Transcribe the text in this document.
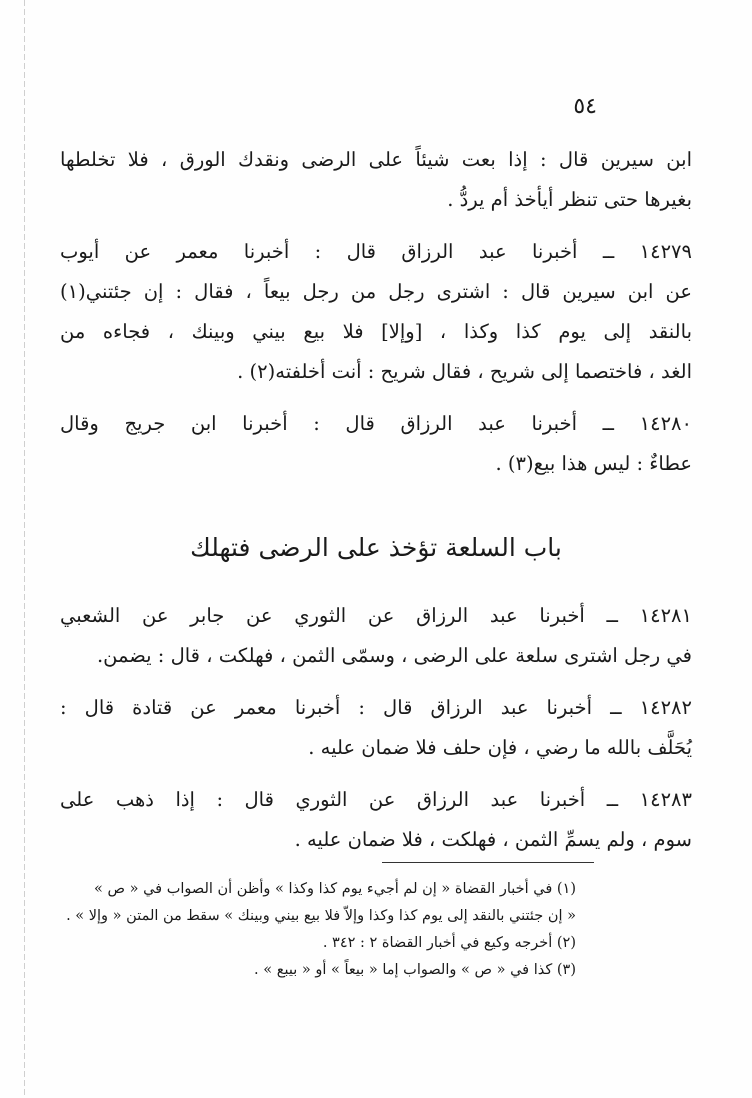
٥٤

ابن سيرين قال : إذا بعت شيئاً على الرضى ونقدك الورق ، فلا تخلطها
بغيرها حتى تنظر أيأخذ أم يردُّ .

١٤٢٧٩ ــ أخبرنا عبد الرزاق قال : أخبرنا معمر عن أيوب
عن ابن سيرين قال : اشترى رجل من رجل بيعاً ، فقال : إن جئتني(١)
بالنقد إلى يوم كذا وكذا ، [وإلا] فلا بيع بيني وبينك ، فجاءه من
الغد ، فاختصما إلى شريح ، فقال شريح : أنت أخلفته(٢) .

١٤٢٨٠ ــ أخبرنا عبد الرزاق قال : أخبرنا ابن جريج وقال
عطاءٌ : ليس هذا بيع(٣) .

باب السلعة تؤخذ على الرضى فتهلك

١٤٢٨١ ــ أخبرنا عبد الرزاق عن الثوري عن جابر عن الشعبي
في رجل اشترى سلعة على الرضى ، وسمّى الثمن ، فهلكت ، قال : يضمن.

١٤٢٨٢ ــ أخبرنا عبد الرزاق قال : أخبرنا معمر عن قتادة قال :
يُحَلَّف بالله ما رضي ، فإن حلف فلا ضمان عليه .

١٤٢٨٣ ــ أخبرنا عبد الرزاق عن الثوري قال : إذا ذهب على
سوم ، ولم يسمِّ الثمن ، فهلكت ، فلا ضمان عليه .

(١) في أخبار القضاة « إن لم أجيء يوم كذا وكذا » وأظن أن الصواب في « ص »
« إن جئتني بالنقد إلى يوم كذا وكذا وإلاّ فلا بيع بيني وبينك » سقط من المتن « وإلا » .
(٢) أخرجه وكيع في أخبار القضاة ٢ : ٣٤٢ .
(٣) كذا في « ص » والصواب إما « بيعاً » أو « بيبع » .
